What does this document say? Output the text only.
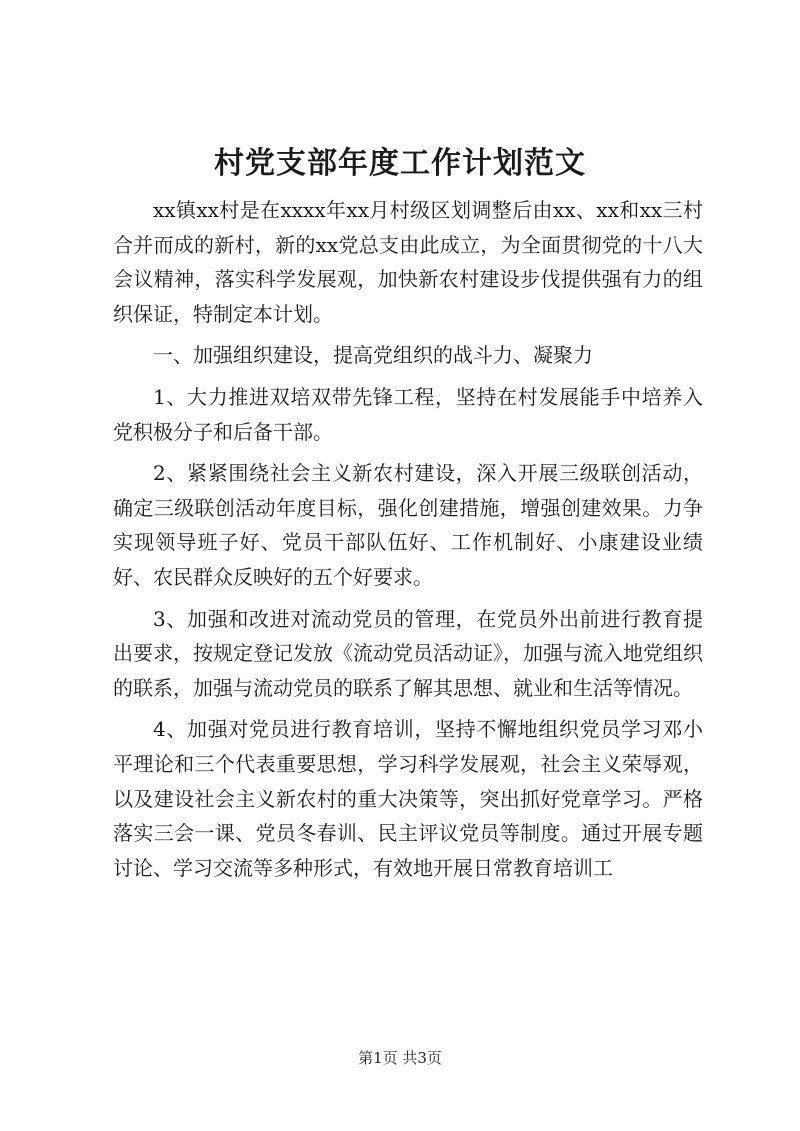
村党支部年度工作计划范文

xx镇xx村是在xxxx年xx月村级区划调整后由xx、xx和xx三村合并而成的新村，新的xx党总支由此成立，为全面贯彻党的十八大会议精神，落实科学发展观，加快新农村建设步伐提供强有力的组织保证，特制定本计划。

一、加强组织建设，提高党组织的战斗力、凝聚力

1、大力推进双培双带先锋工程，坚持在村发展能手中培养入党积极分子和后备干部。

2、紧紧围绕社会主义新农村建设，深入开展三级联创活动，确定三级联创活动年度目标，强化创建措施，增强创建效果。力争实现领导班子好、党员干部队伍好、工作机制好、小康建设业绩好、农民群众反映好的五个好要求。

3、加强和改进对流动党员的管理，在党员外出前进行教育提出要求，按规定登记发放《流动党员活动证》，加强与流入地党组织的联系，加强与流动党员的联系了解其思想、就业和生活等情况。

4、加强对党员进行教育培训，坚持不懈地组织党员学习邓小平理论和三个代表重要思想，学习科学发展观，社会主义荣辱观，以及建设社会主义新农村的重大决策等，突出抓好党章学习。严格落实三会一课、党员冬春训、民主评议党员等制度。通过开展专题讨论、学习交流等多种形式，有效地开展日常教育培训工

第1页 共3页
